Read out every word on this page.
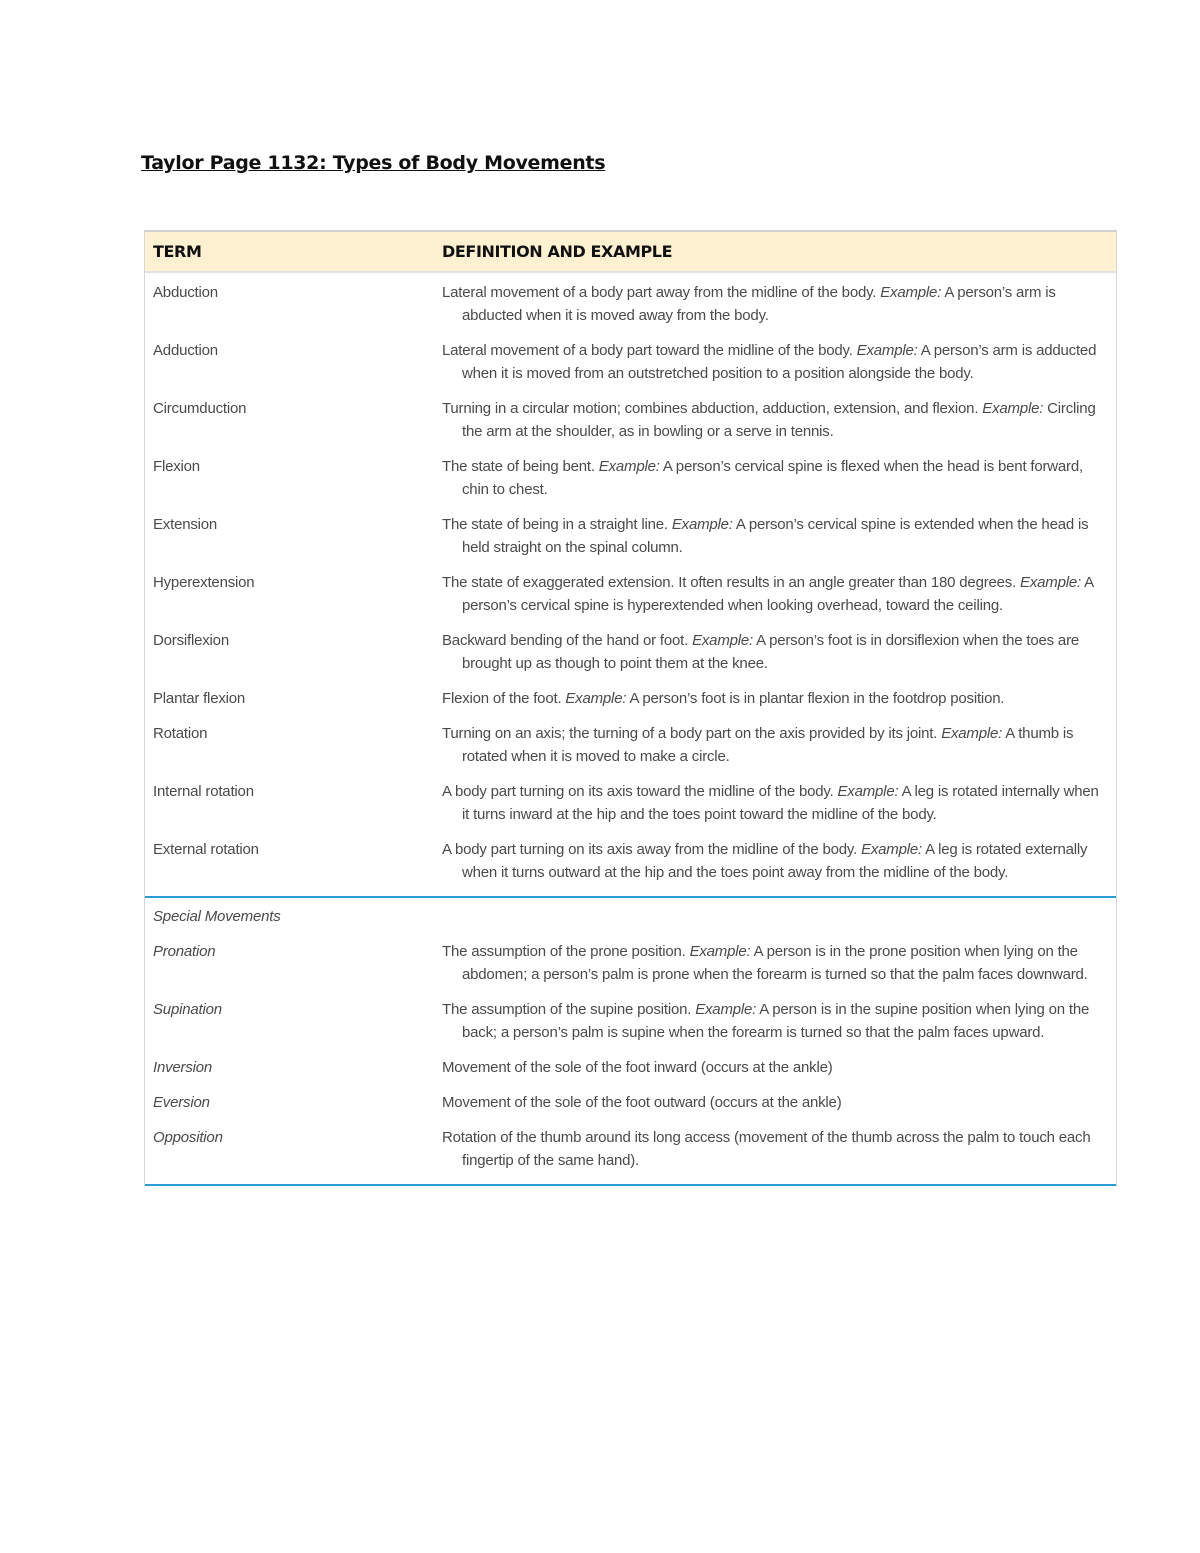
Taylor Page 1132: Types of Body Movements
TERM	DEFINITION AND EXAMPLE
Abduction	Lateral movement of a body part away from the midline of the body. Example: A person’s arm is abducted when it is moved away from the body.
Adduction	Lateral movement of a body part toward the midline of the body. Example: A person’s arm is adducted when it is moved from an outstretched position to a position alongside the body.
Circumduction	Turning in a circular motion; combines abduction, adduction, extension, and flexion. Example: Circling the arm at the shoulder, as in bowling or a serve in tennis.
Flexion	The state of being bent. Example: A person’s cervical spine is flexed when the head is bent forward, chin to chest.
Extension	The state of being in a straight line. Example: A person’s cervical spine is extended when the head is held straight on the spinal column.
Hyperextension	The state of exaggerated extension. It often results in an angle greater than 180 degrees. Example: A person’s cervical spine is hyperextended when looking overhead, toward the ceiling.
Dorsiflexion	Backward bending of the hand or foot. Example: A person’s foot is in dorsiflexion when the toes are brought up as though to point them at the knee.
Plantar flexion	Flexion of the foot. Example: A person’s foot is in plantar flexion in the footdrop position.
Rotation	Turning on an axis; the turning of a body part on the axis provided by its joint. Example: A thumb is rotated when it is moved to make a circle.
Internal rotation	A body part turning on its axis toward the midline of the body. Example: A leg is rotated internally when it turns inward at the hip and the toes point toward the midline of the body.
External rotation	A body part turning on its axis away from the midline of the body. Example: A leg is rotated externally when it turns outward at the hip and the toes point away from the midline of the body.
Special Movements
Pronation	The assumption of the prone position. Example: A person is in the prone position when lying on the abdomen; a person’s palm is prone when the forearm is turned so that the palm faces downward.
Supination	The assumption of the supine position. Example: A person is in the supine position when lying on the back; a person’s palm is supine when the forearm is turned so that the palm faces upward.
Inversion	Movement of the sole of the foot inward (occurs at the ankle)
Eversion	Movement of the sole of the foot outward (occurs at the ankle)
Opposition	Rotation of the thumb around its long access (movement of the thumb across the palm to touch each fingertip of the same hand).
